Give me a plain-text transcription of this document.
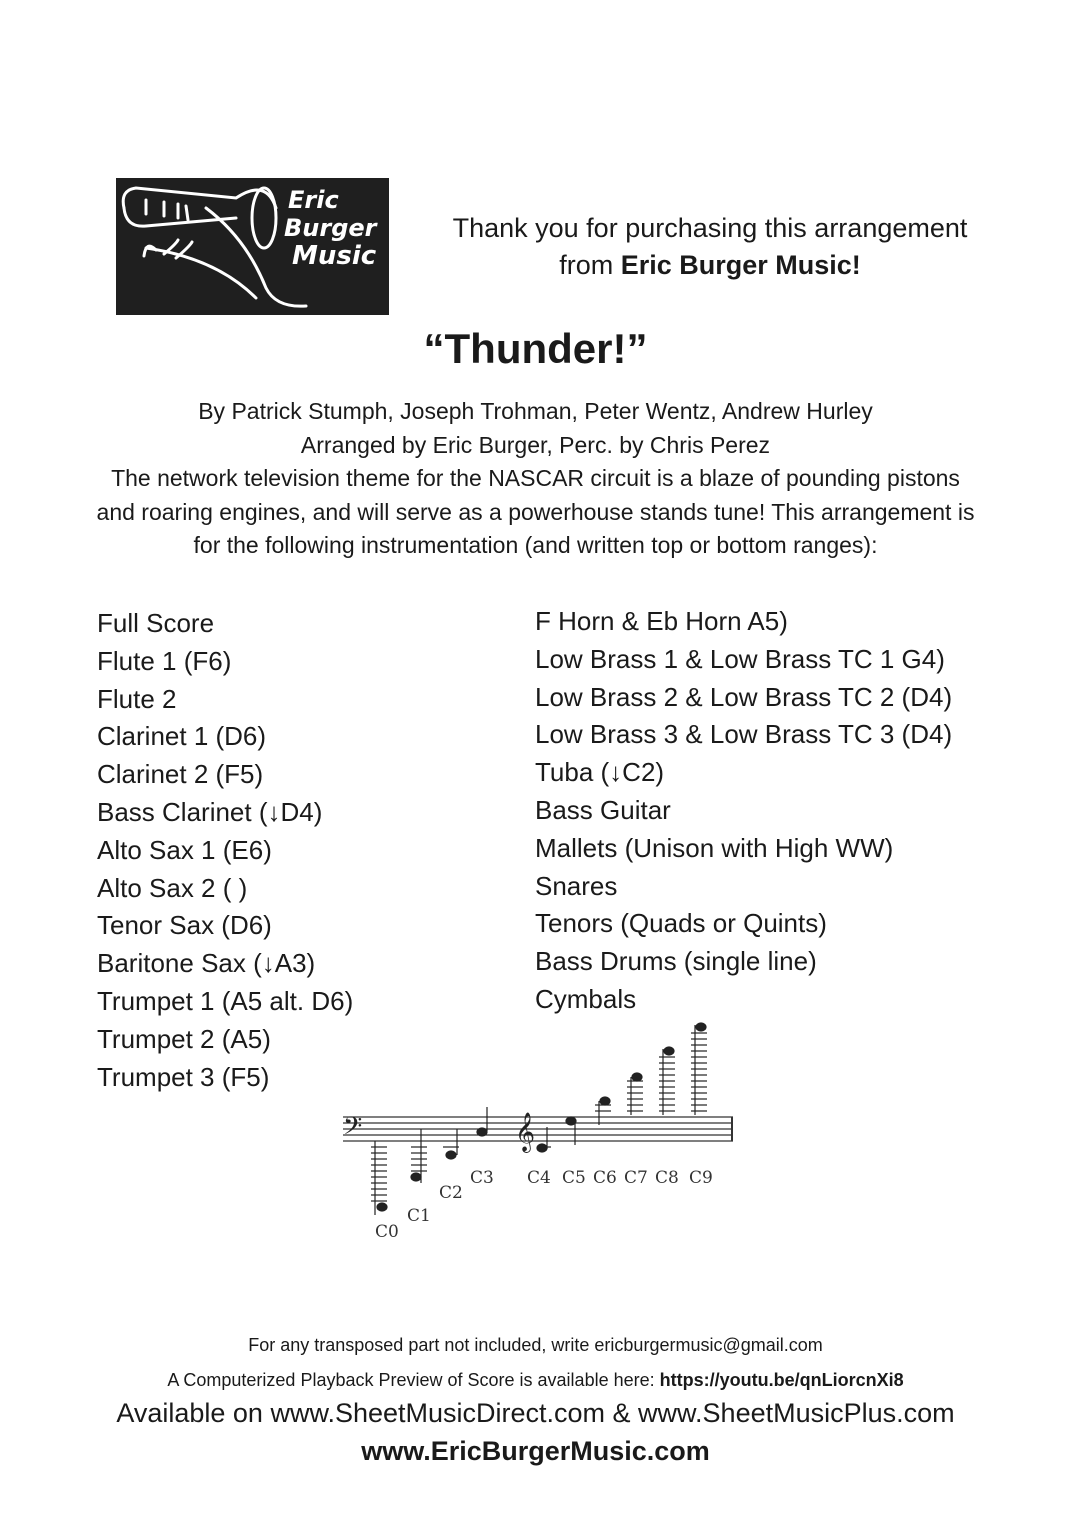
Eric
Burger
Music
Thank you for purchasing this arrangement
from Eric Burger Music!
“Thunder!”
By Patrick Stumph, Joseph Trohman, Peter Wentz, Andrew Hurley
Arranged by Eric Burger, Perc. by Chris Perez
The network television theme for the NASCAR circuit is a blaze of pounding pistons
and roaring engines, and will serve as a powerhouse stands tune! This arrangement is
for the following instrumentation (and written top or bottom ranges):
Full Score
Flute 1 (F6)
Flute 2
Clarinet 1 (D6)
Clarinet 2 (F5)
Bass Clarinet (↓D4)
Alto Sax 1 (E6)
Alto Sax 2 ( )
Tenor Sax (D6)
Baritone Sax (↓A3)
Trumpet 1 (A5 alt. D6)
Trumpet 2 (A5)
Trumpet 3 (F5)
F Horn & Eb Horn A5)
Low Brass 1 & Low Brass TC 1 G4)
Low Brass 2 & Low Brass TC 2 (D4)
Low Brass 3 & Low Brass TC 3 (D4)
Tuba (↓C2)
Bass Guitar
Mallets (Unison with High WW)
Snares
Tenors (Quads or Quints)
Bass Drums (single line)
Cymbals
𝄢	𝄞
C0
C1
C2
C3 C4 C5 C6 C7 C8 C9
For any transposed part not included, write ericburgermusic@gmail.com
A Computerized Playback Preview of Score is available here: https://youtu.be/qnLiorcnXi8
Available on www.SheetMusicDirect.com & www.SheetMusicPlus.com
www.EricBurgerMusic.com
